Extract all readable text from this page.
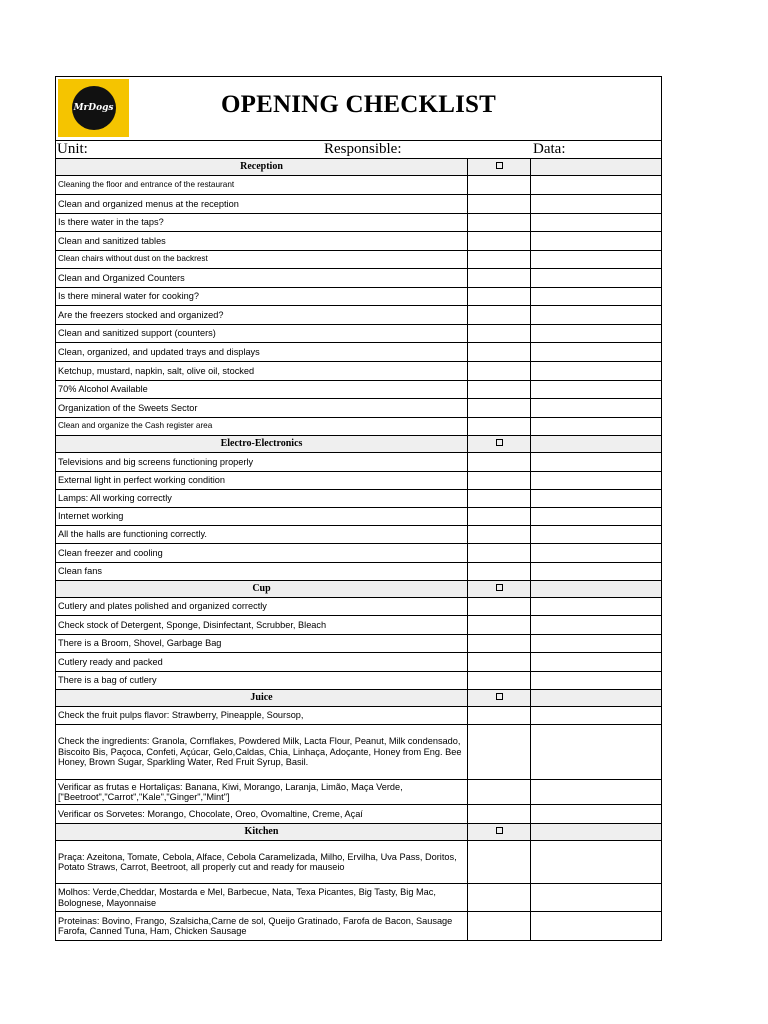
MrDogs	OPENING CHECKLIST
Unit:	Responsible:	Data:
Reception
Cleaning the floor and entrance of the restaurant
Clean and organized menus at the reception
Is there water in the taps?
Clean and sanitized tables
Clean chairs without dust on the backrest
Clean and Organized Counters
Is there mineral water for cooking?
Are the freezers stocked and organized?
Clean and sanitized support (counters)
Clean, organized, and updated trays and displays
Ketchup, mustard, napkin, salt, olive oil, stocked
70% Alcohol Available
Organization of the Sweets Sector
Clean and organize the Cash register area
Electro-Electronics
Televisions and big screens functioning properly
External light in perfect working condition
Lamps: All working correctly
Internet working
All the halls are functioning correctly.
Clean freezer and cooling
Clean fans
Cup
Cutlery and plates polished and organized correctly
Check stock of Detergent, Sponge, Disinfectant, Scrubber, Bleach
There is a Broom, Shovel, Garbage Bag
Cutlery ready and packed
There is a bag of cutlery
Juice
Check the fruit pulps flavor: Strawberry, Pineapple, Soursop,
Check the ingredients: Granola, Cornflakes, Powdered Milk, Lacta Flour, Peanut, Milk condensado, Biscoito Bis, Paçoca, Confeti, Açúcar, Gelo,Caldas, Chia, Linhaça, Adoçante, Honey from Eng. Bee Honey, Brown Sugar, Sparkling Water, Red Fruit Syrup, Basil.
Verificar as frutas e Hortaliças: Banana, Kiwi, Morango, Laranja, Limão, Maça Verde, ["Beetroot","Carrot","Kale","Ginger","Mint"]
Verificar os Sorvetes: Morango, Chocolate, Oreo, Ovomaltine, Creme, Açaí
Kitchen
Praça: Azeitona, Tomate, Cebola, Alface, Cebola Caramelizada, Milho, Ervilha, Uva Pass, Doritos, Potato Straws, Carrot, Beetroot, all properly cut and ready for mauseio
Molhos: Verde,Cheddar, Mostarda e Mel, Barbecue, Nata, Texa Picantes, Big Tasty, Big Mac, Bolognese, Mayonnaise
Proteinas: Bovino, Frango, Szalsicha,Carne de sol, Queijo Gratinado, Farofa de Bacon, Sausage Farofa, Canned Tuna, Ham, Chicken Sausage
